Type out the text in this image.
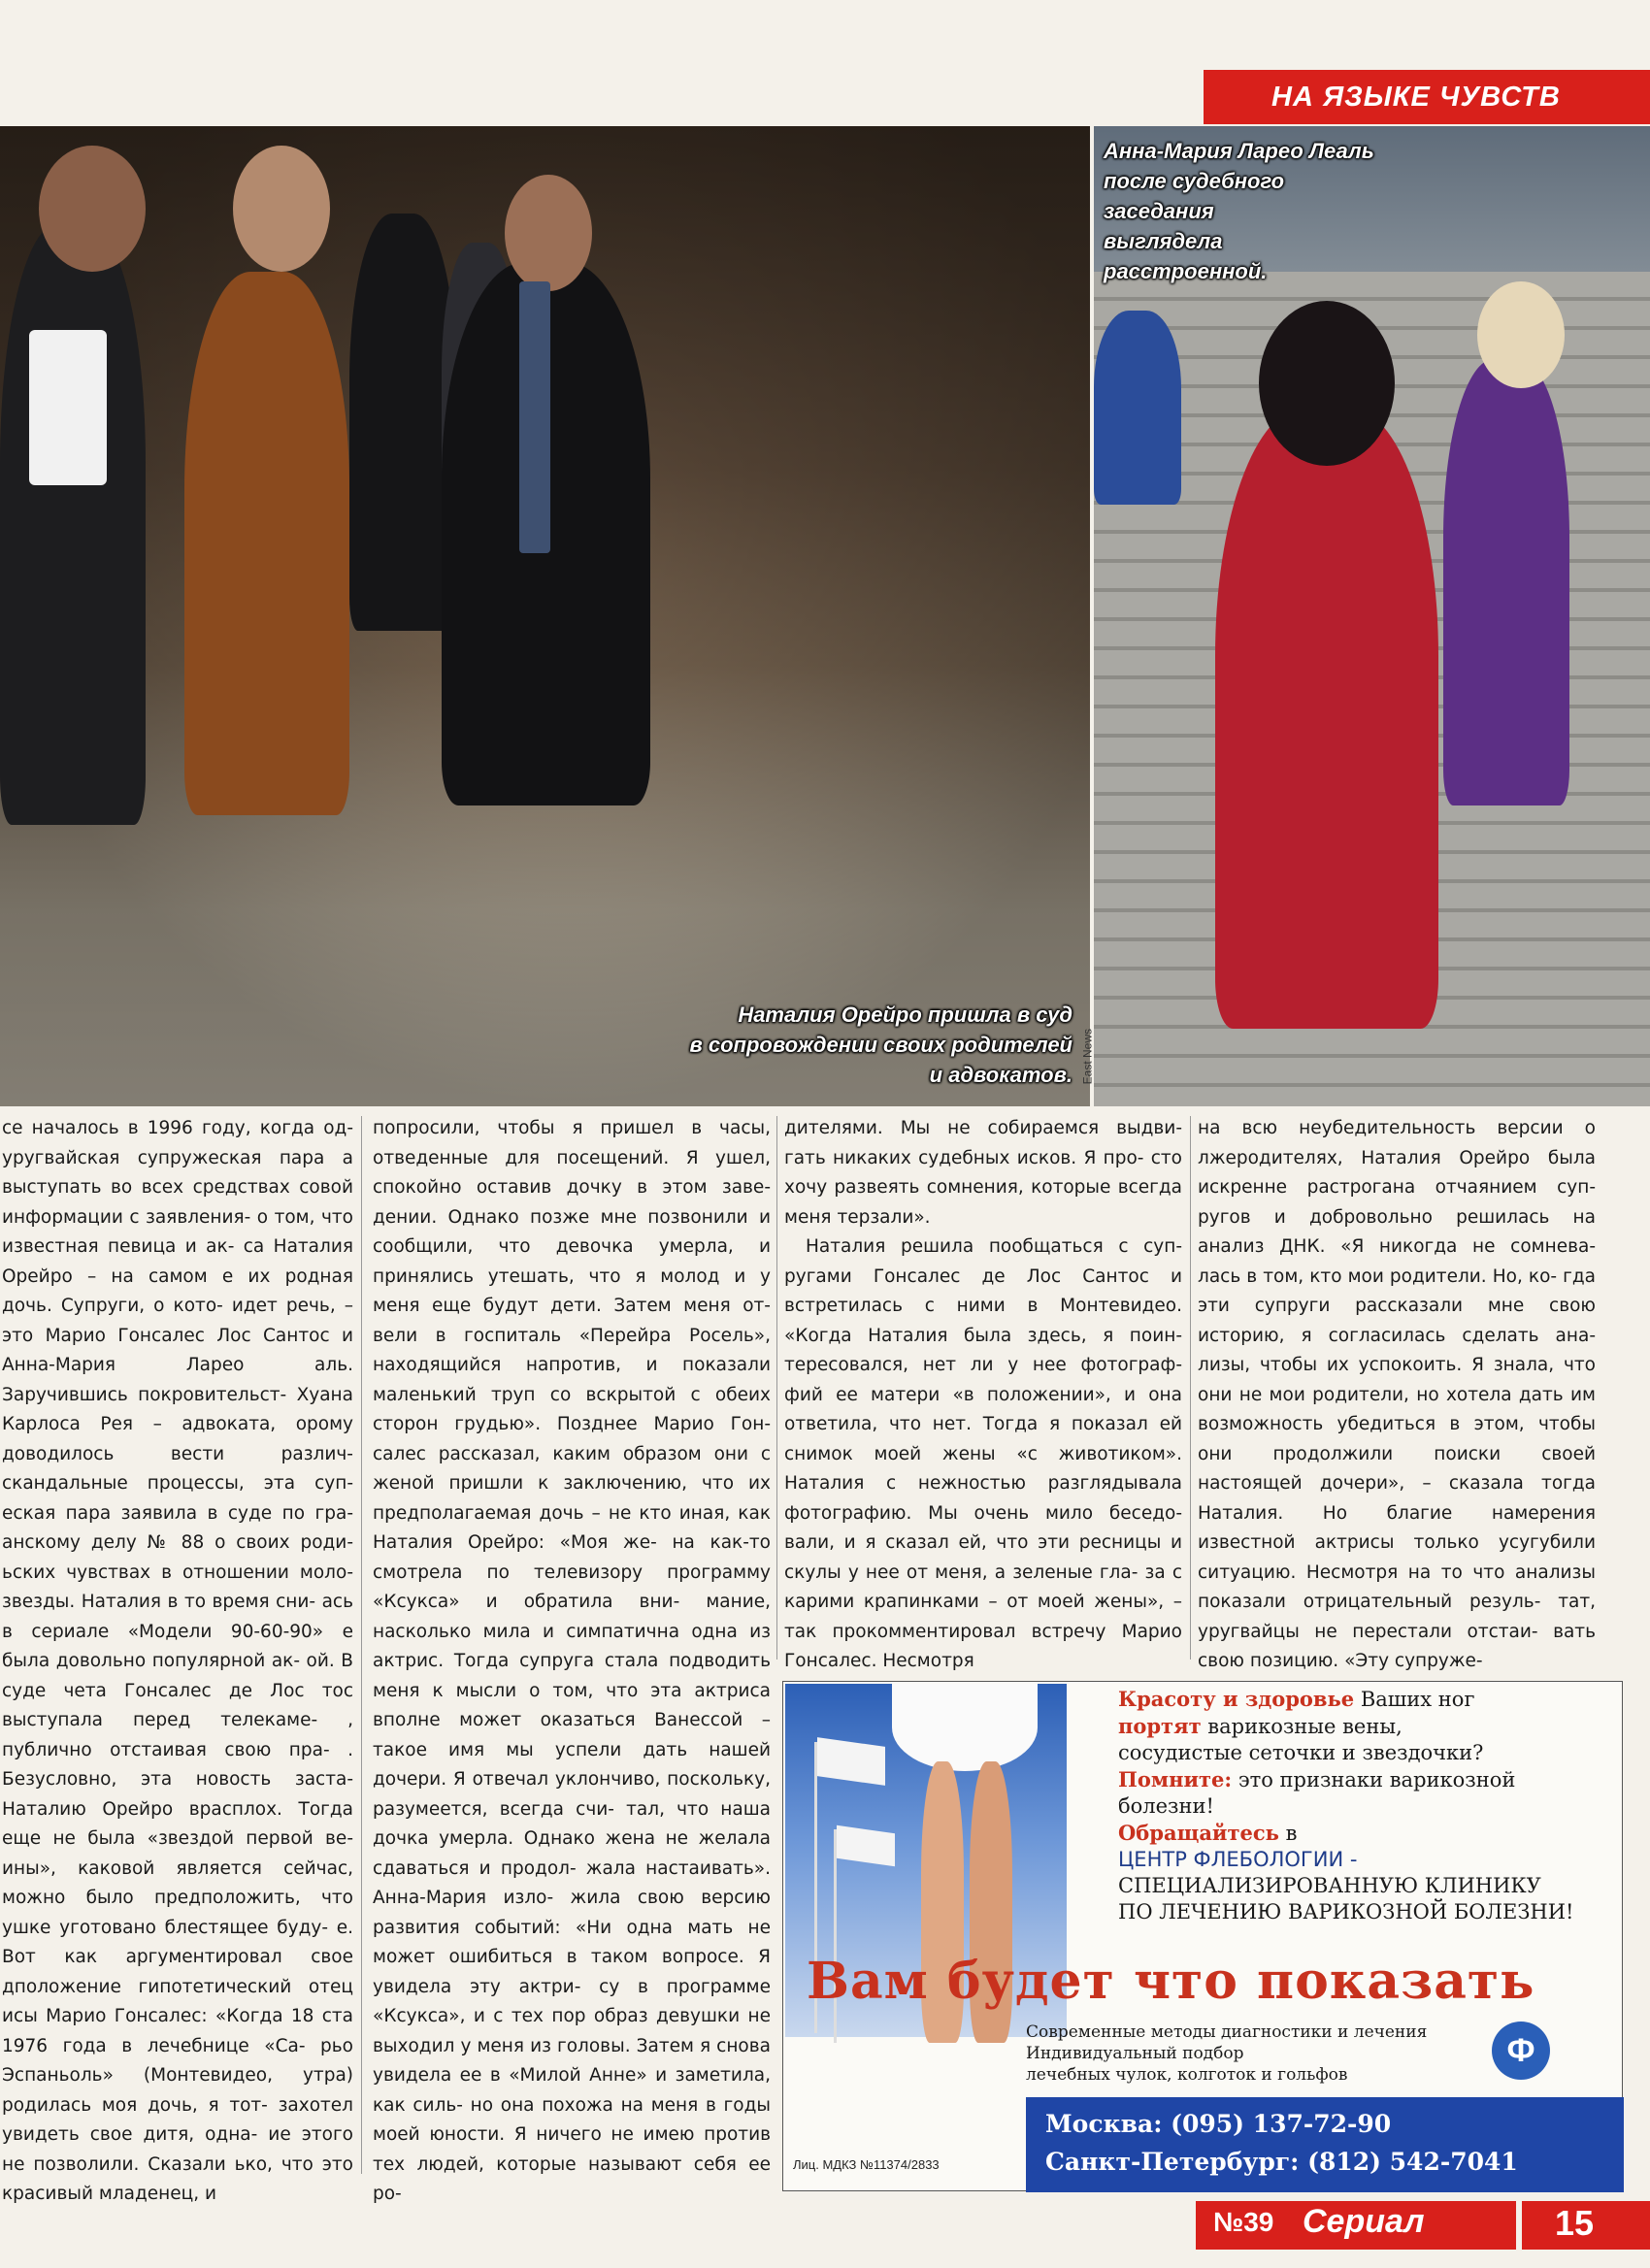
НА ЯЗЫКЕ ЧУВСТВ
Наталия Орейро пришла в суд
в сопровождении своих родителей
и адвокатов. East News
Анна-Мария Ларео Леаль
после судебного
заседания
выглядела
расстроенной.

се началось в 1996 году, когда од- уругвайская супружеская пара а выступать во всех средствах совой информации с заявления- о том, что известная певица и ак- са Наталия Орейро – на самом е их родная дочь. Супруги, о кото- идет речь, – это Марио Гонсалес Лос Сантос и Анна-Мария Ларео аль. Заручившись покровительст- Хуана Карлоса Рея – адвоката, орому доводилось вести различ- скандальные процессы, эта суп- еская пара заявила в суде по гра- анскому делу № 88 о своих роди- ьских чувствах в отношении моло- звезды. Наталия в то время сни- ась в сериале «Модели 90-60-90» е была довольно популярной ак- ой. В суде чета Гонсалес де Лос тос выступала перед телекаме- , публично отстаивая свою пра- . Безусловно, эта новость заста- Наталию Орейро врасплох. Тогда еще не была «звездой первой ве- ины», каковой является сейчас, можно было предположить, что ушке уготовано блестящее буду- е. Вот как аргументировал свое дположение гипотетический отец исы Марио Гонсалес: «Когда 18 ста 1976 года в лечебнице «Са- рьо Эспаньоль» (Монтевидео, утра) родилась моя дочь, я тот- захотел увидеть свое дитя, одна- ие этого не позволили. Сказали ько, что это красивый младенец, и

попросили, чтобы я пришел в часы, отведенные для посещений. Я ушел, спокойно оставив дочку в этом заве- дении. Однако позже мне позвонили и сообщили, что девочка умерла, и принялись утешать, что я молод и у меня еще будут дети. Затем меня от- вели в госпиталь «Перейра Росель», находящийся напротив, и показали маленький труп со вскрытой с обеих сторон грудью». Позднее Марио Гон- салес рассказал, каким образом они с женой пришли к заключению, что их предполагаемая дочь – не кто иная, как Наталия Орейро: «Моя же- на как-то смотрела по телевизору программу «Ксукса» и обратила вни- мание, насколько мила и симпатична одна из актрис. Тогда супруга стала подводить меня к мысли о том, что эта актриса вполне может оказаться Ванессой – такое имя мы успели дать нашей дочери. Я отвечал уклончиво, поскольку, разумеется, всегда счи- тал, что наша дочка умерла. Однако жена не желала сдаваться и продол- жала настаивать». Анна-Мария изло- жила свою версию развития событий: «Ни одна мать не может ошибиться в таком вопросе. Я увидела эту актри- су в программе «Ксукса», и с тех пор образ девушки не выходил у меня из головы. Затем я снова увидела ее в «Милой Анне» и заметила, как силь- но она похожа на меня в годы моей юности. Я ничего не имею против тех людей, которые называют себя ее ро-

дителями. Мы не собираемся выдви- гать никаких судебных исков. Я про- сто хочу развеять сомнения, которые всегда меня терзали».

Наталия решила пообщаться с суп- ругами Гонсалес де Лос Сантос и встретилась с ними в Монтевидео. «Когда Наталия была здесь, я поин- тересовался, нет ли у нее фотограф- фий ее матери «в положении», и она ответила, что нет. Тогда я показал ей снимок моей жены «с животиком». Наталия с нежностью разглядывала фотографию. Мы очень мило беседо- вали, и я сказал ей, что эти ресницы и скулы у нее от меня, а зеленые гла- за с карими крапинками – от моей жены», – так прокомментировал встречу Марио Гонсалес. Несмотря

на всю неубедительность версии о лжеродителях, Наталия Орейро была искренне растрогана отчаянием суп- ругов и добровольно решилась на анализ ДНК. «Я никогда не сомнева- лась в том, кто мои родители. Но, ко- гда эти супруги рассказали мне свою историю, я согласилась сделать ана- лизы, чтобы их успокоить. Я знала, что они не мои родители, но хотела дать им возможность убедиться в этом, чтобы они продолжили поиски своей настоящей дочери», – сказала тогда Наталия. Но благие намерения известной актрисы только усугубили ситуацию. Несмотря на то что анализы показали отрицательный резуль- тат, уругвайцы не перестали отстаи- вать свою позицию. «Эту супруже-

Красоту и здоровье Ваших ног
портят варикозные вены,
сосудистые сеточки и звездочки?
Помните: это признаки варикозной
болезни!
Обращайтесь в
ЦЕНТР ФЛЕБОЛОГИИ -
СПЕЦИАЛИЗИРОВАННУЮ КЛИНИКУ
ПО ЛЕЧЕНИЮ ВАРИКОЗНОЙ БОЛЕЗНИ!
Вам будет что показать
Современные методы диагностики и лечения
Индивидуальный подбор
лечебных чулок, колготок и гольфов
Ф
Москва: (095) 137-72-90
Санкт-Петербург: (812) 542-7041
Лиц. МДКЗ №11374/2833
№39 Сериал	15
